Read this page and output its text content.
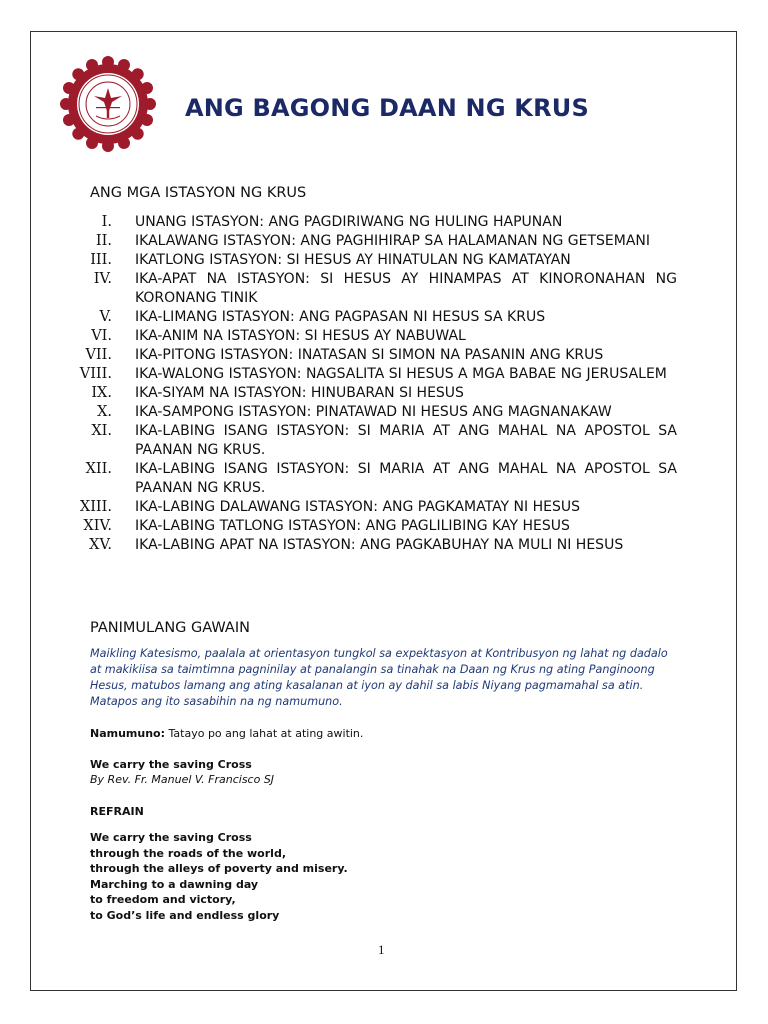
ANG BAGONG DAAN NG KRUS
ANG MGA ISTASYON NG KRUS
I. UNANG ISTASYON: ANG PAGDIRIWANG NG HULING HAPUNAN
II. IKALAWANG ISTASYON: ANG PAGHIHIRAP SA HALAMANAN NG GETSEMANI
III. IKATLONG ISTASYON: SI HESUS AY HINATULAN NG KAMATAYAN
IV. IKA-APAT NA ISTASYON: SI HESUS AY HINAMPAS AT KINORONAHAN NG KORONANG TINIK
V. IKA-LIMANG ISTASYON: ANG PAGPASAN NI HESUS SA KRUS
VI. IKA-ANIM NA ISTASYON: SI HESUS AY NABUWAL
VII. IKA-PITONG ISTASYON: INATASAN SI SIMON NA PASANIN ANG KRUS
VIII. IKA-WALONG ISTASYON: NAGSALITA SI HESUS A MGA BABAE NG JERUSALEM
IX. IKA-SIYAM NA ISTASYON: HINUBARAN SI HESUS
X. IKA-SAMPONG ISTASYON: PINATAWAD NI HESUS ANG MAGNANAKAW
XI. IKA-LABING ISANG ISTASYON: SI MARIA AT ANG MAHAL NA APOSTOL SA PAANAN NG KRUS.
XII. IKA-LABING ISANG ISTASYON: SI MARIA AT ANG MAHAL NA APOSTOL SA PAANAN NG KRUS.
XIII. IKA-LABING DALAWANG ISTASYON: ANG PAGKAMATAY NI HESUS
XIV. IKA-LABING TATLONG ISTASYON: ANG PAGLILIBING KAY HESUS
XV. IKA-LABING APAT NA ISTASYON: ANG PAGKABUHAY NA MULI NI HESUS
PANIMULANG GAWAIN

Maikling Katesismo, paalala at orientasyon tungkol sa expektasyon at Kontribusyon ng lahat ng dadalo at makikiisa sa taimtimna pagninilay at panalangin sa tinahak na Daan ng Krus ng ating Panginoong Hesus, matubos lamang ang ating kasalanan at iyon ay dahil sa labis Niyang pagmamahal sa atin. Matapos ang ito sasabihin na ng namumuno.

Namumuno: Tatayo po ang lahat at ating awitin.

We carry the saving Cross

By Rev. Fr. Manuel V. Francisco SJ

REFRAIN

We carry the saving Cross
through the roads of the world,
through the alleys of poverty and misery.
Marching to a dawning day
to freedom and victory,
to God’s life and endless glory
1
